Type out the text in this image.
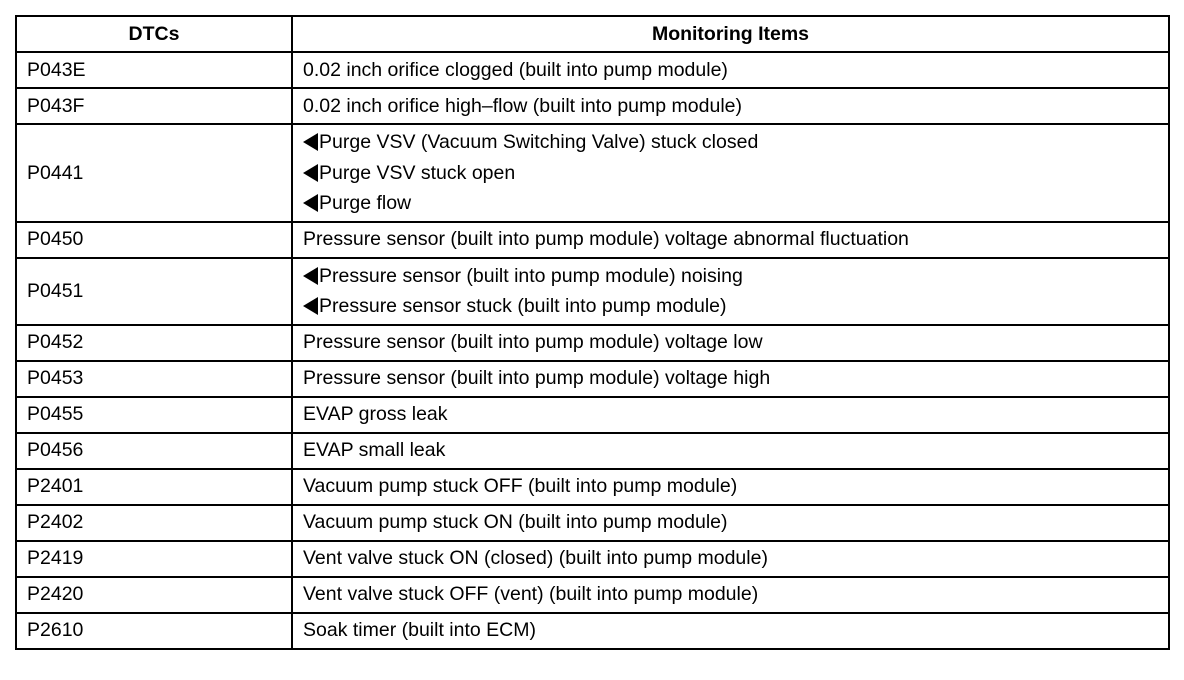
DTCs	Monitoring Items
P043E	0.02 inch orifice clogged (built into pump module)

P043F	0.02 inch orifice high–flow (built into pump module)

P0441	Purge VSV (Vacuum Switching Valve) stuck closed
Purge VSV stuck open
Purge flow

P0450	Pressure sensor (built into pump module) voltage abnormal fluctuation

P0451	Pressure sensor (built into pump module) noising
Pressure sensor stuck (built into pump module)

P0452	Pressure sensor (built into pump module) voltage low

P0453	Pressure sensor (built into pump module) voltage high

P0455	EVAP gross leak

P0456	EVAP small leak

P2401	Vacuum pump stuck OFF (built into pump module)

P2402	Vacuum pump stuck ON (built into pump module)

P2419	Vent valve stuck ON (closed) (built into pump module)

P2420	Vent valve stuck OFF (vent) (built into pump module)

P2610	Soak timer (built into ECM)
